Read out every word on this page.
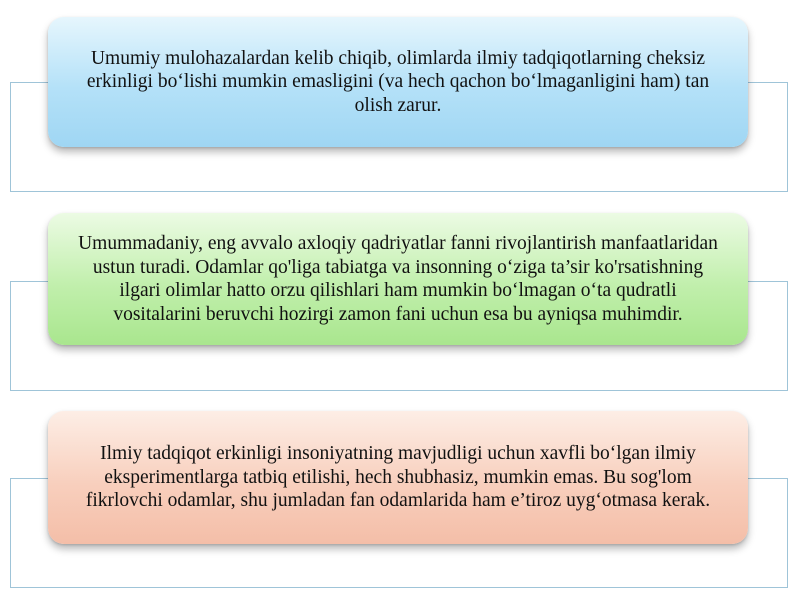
Umumiy mulohazalardan kelib chiqib, olimlarda ilmiy tadqiqotlarning cheksiz erkinligi bo‘lishi mumkin emasligini (va hech qachon bo‘lmaganligini ham) tan olish zarur.
Umummadaniy, eng avvalo axloqiy qadriyatlar fanni rivojlantirish manfaatlaridan ustun turadi. Odamlar qo'liga tabiatga va insonning o‘ziga ta’sir ko'rsatishning ilgari olimlar hatto orzu qilishlari ham mumkin bo‘lmagan o‘ta qudratli vositalarini beruvchi hozirgi zamon fani uchun esa bu ayniqsa muhimdir.
Ilmiy tadqiqot erkinligi insoniyatning mavjudligi uchun xavfli bo‘lgan ilmiy eksperimentlarga tatbiq etilishi, hech shubhasiz, mumkin emas. Bu sog'lom fikrlovchi odamlar, shu jumladan fan odamlarida ham e’tiroz uyg‘otmasa kerak.
